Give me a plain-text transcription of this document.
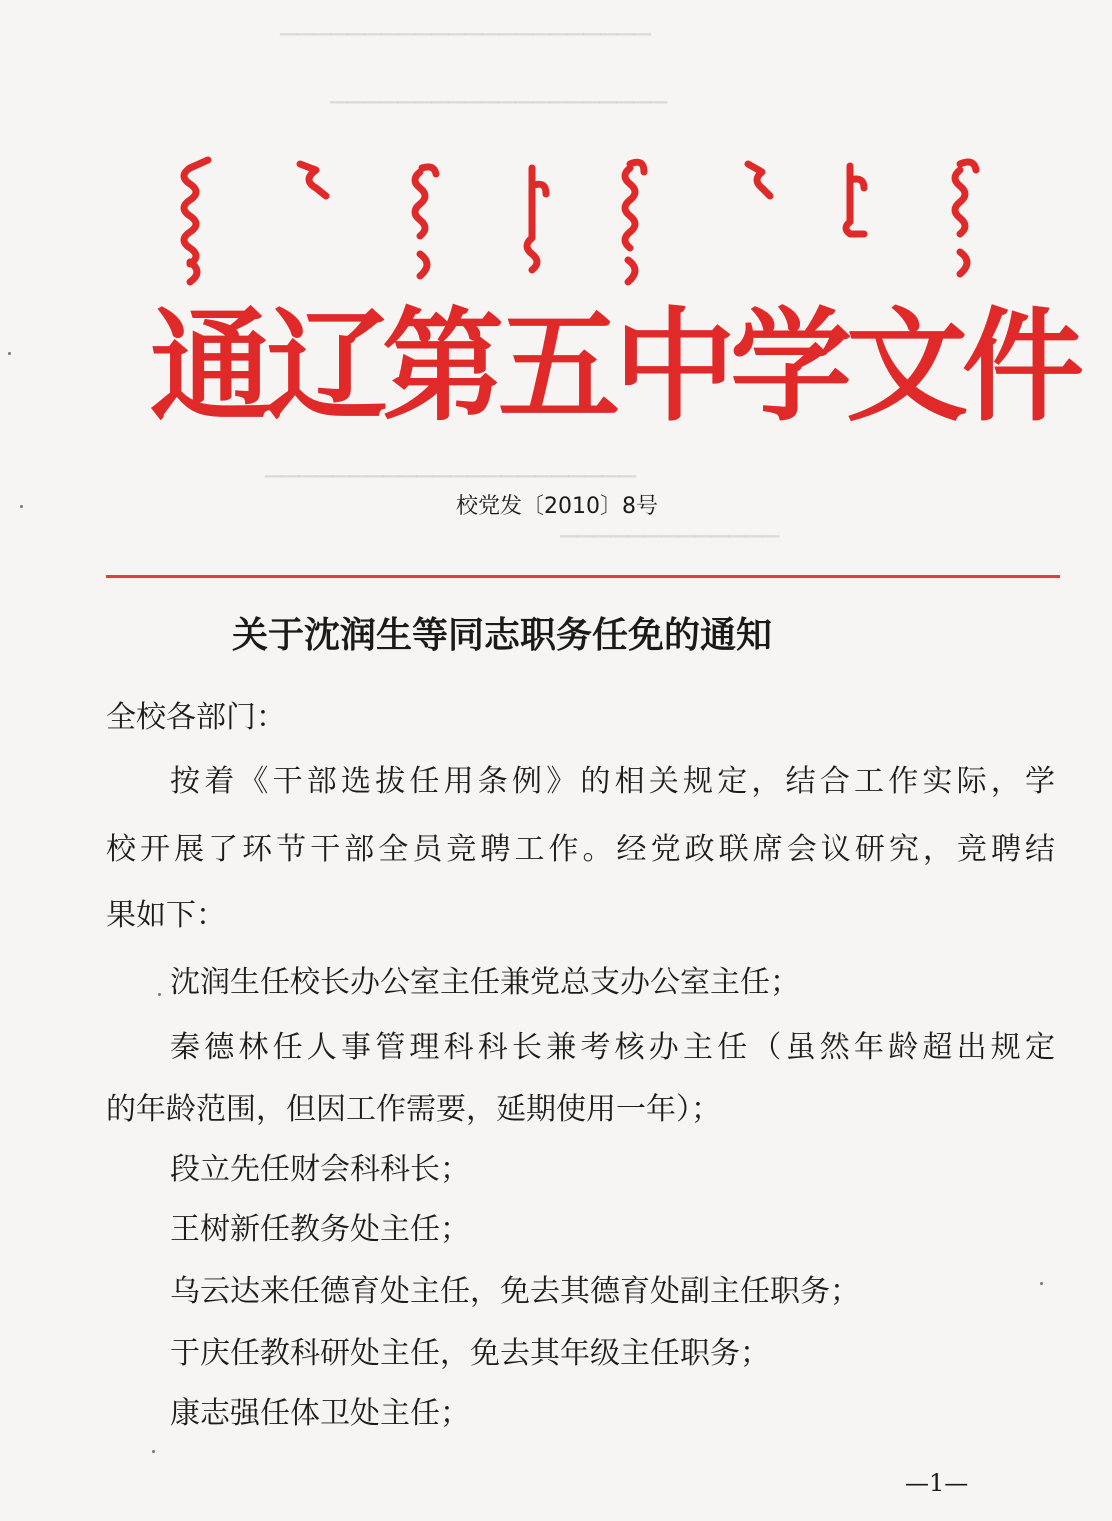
──────────────────────
────────────────────
──────────────────────
─────────────
通辽第五中学文件
校党发〔2010〕8号
关于沈润生等同志职务任免的通知
全校各部门：
按着《干部选拔任用条例》的相关规定，结合工作实际，学
校开展了环节干部全员竞聘工作。经党政联席会议研究，竞聘结
果如下：
沈润生任校长办公室主任兼党总支办公室主任；
秦德林任人事管理科科长兼考核办主任（虽然年龄超出规定
的年龄范围，但因工作需要，延期使用一年）；
段立先任财会科科长；
王树新任教务处主任；
乌云达来任德育处主任，免去其德育处副主任职务；
于庆任教科研处主任，免去其年级主任职务；
康志强任体卫处主任；
—1—
